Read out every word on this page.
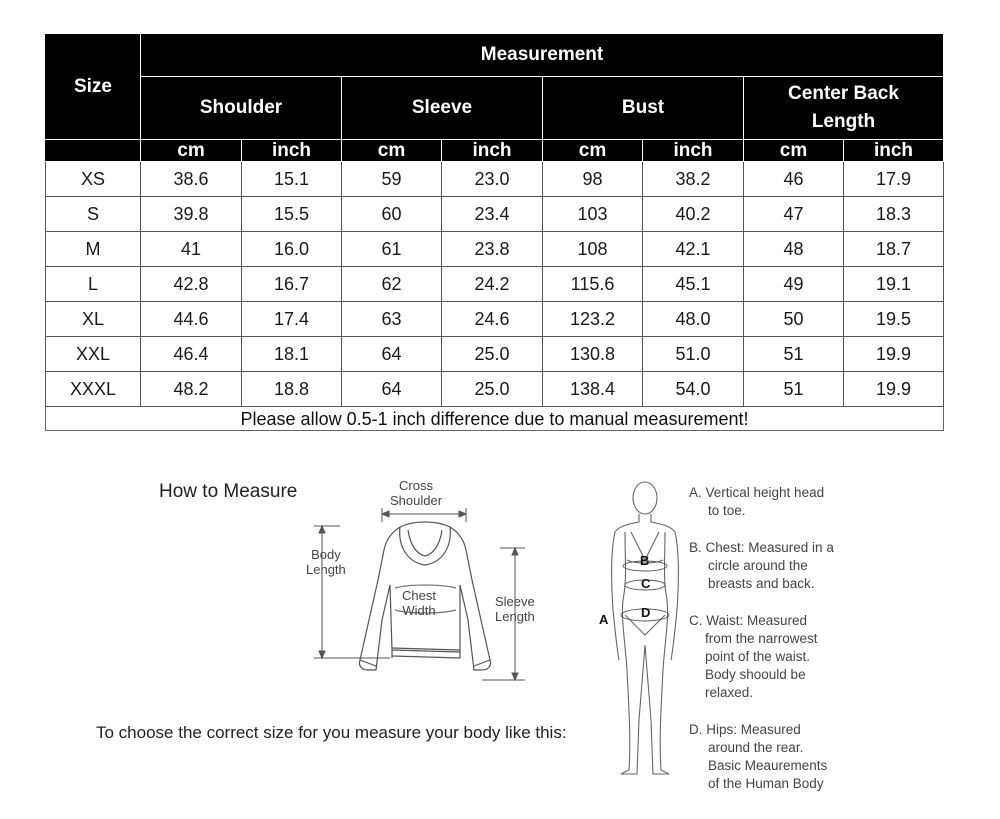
Size	Measurement							
	Shoulder		Sleeve		Bust		Center Back Length	
	cm	inch	cm	inch	cm	inch	cm	inch
XS	38.6	15.1	59	23.0	98	38.2	46	17.9
S	39.8	15.5	60	23.4	103	40.2	47	18.3
M	41	16.0	61	23.8	108	42.1	48	18.7
L	42.8	16.7	62	24.2	115.6	45.1	49	19.1
XL	44.6	17.4	63	24.6	123.2	48.0	50	19.5
XXL	46.4	18.1	64	25.0	130.8	51.0	51	19.9
XXXL	48.2	18.8	64	25.0	138.4	54.0	51	19.9
Please allow 0.5-1 inch difference due to manual measurement!								
How to Measure
To choose the correct size for you measure your body like this:
Cross
Shoulder
Body
Length
Chest
Width
Sleeve
Length
B
C
D
A
A. Vertical height head
to toe.
B. Chest: Measured in a
circle around the
breasts and back.
C. Waist: Measured
from the narrowest
point of the waist.
Body shoould be
relaxed.
D. Hips: Measured
around the rear.
Basic Meaurements
of the Human Body
